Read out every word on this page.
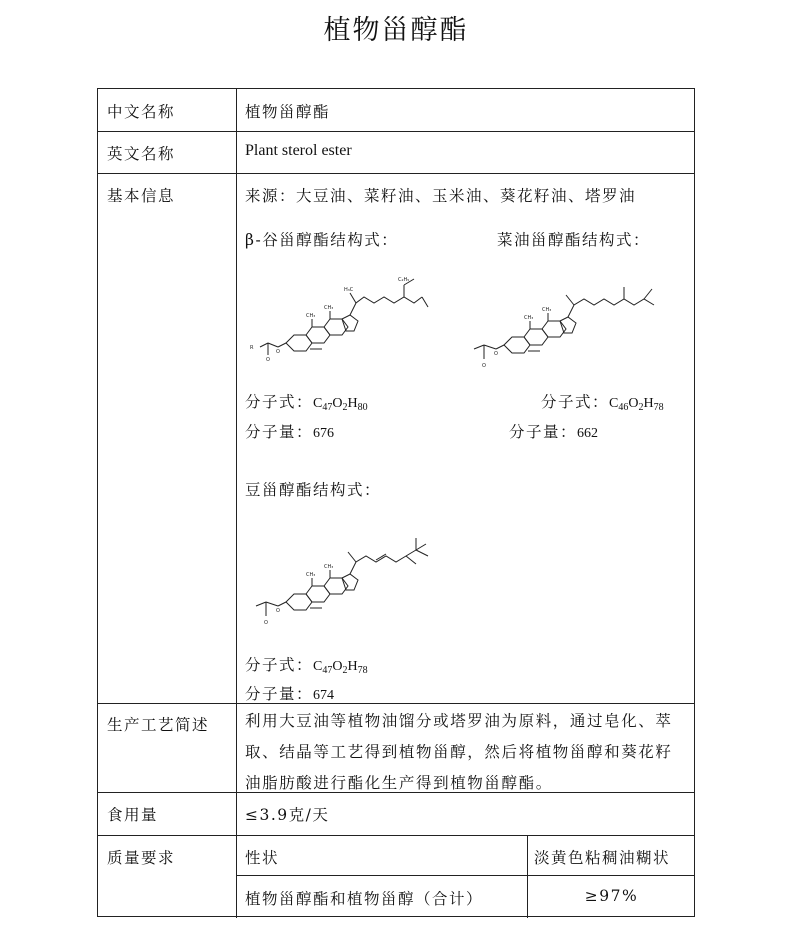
植物甾醇酯
中文名称	植物甾醇酯
英文名称	Plant sterol ester
基本信息	来源：大豆油、菜籽油、玉米油、葵花籽油、塔罗油
β-谷甾醇酯结构式：	菜油甾醇酯结构式：
CH₃
CH₃
H₃C
C₂H₅
R
O
O
CH₃
CH₃
O
O
分子式：$C_{47}O_2H_{80}$
分子量：676
分子式：$C_{46}O_2H_{78}$
分子量：662
豆甾醇酯结构式：
CH₃
CH₃
O
O
分子式：$C_{47}O_2H_{78}$
分子量：674
生产工艺简述 利用大豆油等植物油馏分或塔罗油为原料，通过皂化、萃取、结晶等工艺得到植物甾醇，然后将植物甾醇和葵花籽油脂肪酸进行酯化生产得到植物甾醇酯。
食用量	≤3.9克/天
质量要求	性状	淡黄色粘稠油糊状
植物甾醇酯和植物甾醇（合计）	≥97%
